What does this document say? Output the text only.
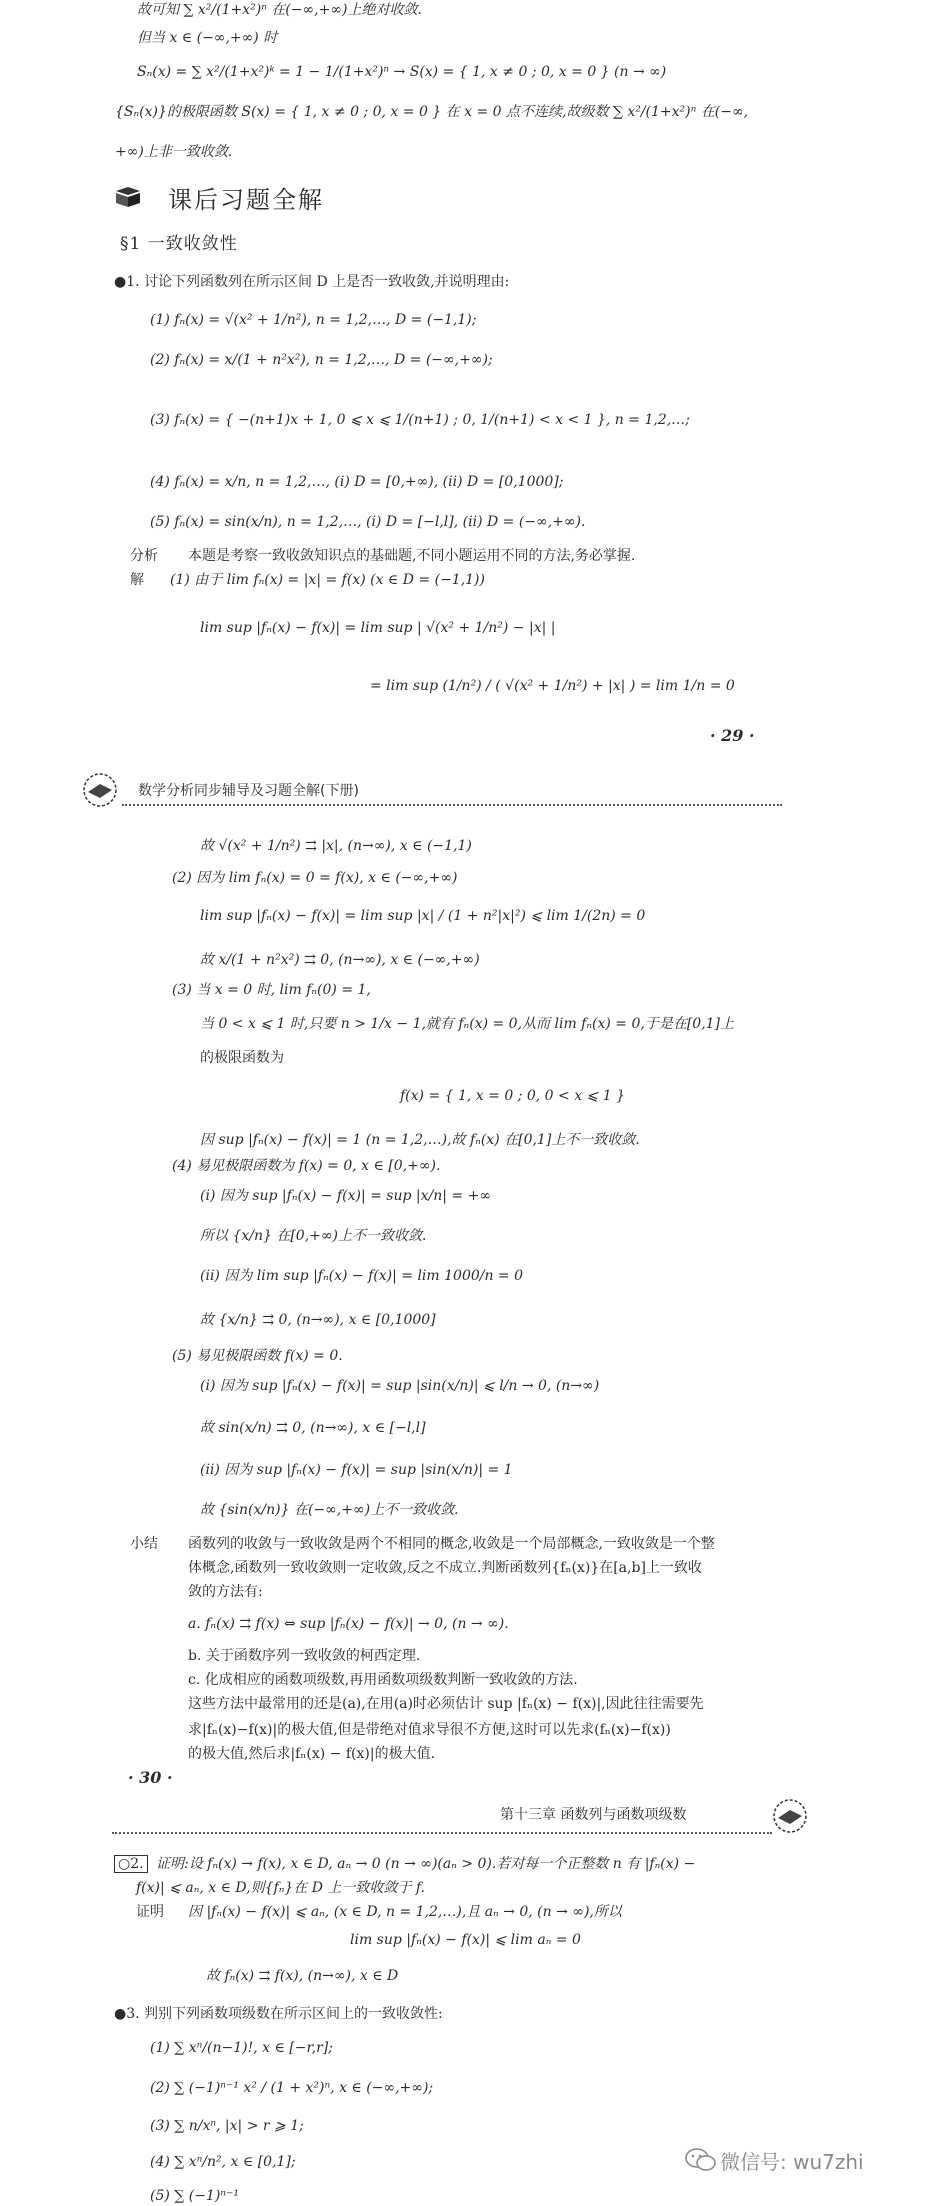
故可知 ∑ x²/(1+x²)ⁿ 在(−∞,+∞)上绝对收敛.
但当 x ∈ (−∞,+∞) 时
Sₙ(x) = ∑ x²/(1+x²)ᵏ = 1 − 1/(1+x²)ⁿ → S(x) = { 1, x ≠ 0 ; 0, x = 0 } (n → ∞)
{Sₙ(x)}的极限函数 S(x) = { 1, x ≠ 0 ; 0, x = 0 } 在 x = 0 点不连续,故级数 ∑ x²/(1+x²)ⁿ 在(−∞,
+∞)上非一致收敛.
课后习题全解
§1 一致收敛性
●1. 讨论下列函数列在所示区间 D 上是否一致收敛,并说明理由:
(1) fₙ(x) = √(x² + 1/n²), n = 1,2,…, D = (−1,1);
(2) fₙ(x) = x/(1 + n²x²), n = 1,2,…, D = (−∞,+∞);
(3) fₙ(x) = { −(n+1)x + 1, 0 ⩽ x ⩽ 1/(n+1) ; 0, 1/(n+1) < x < 1 }, n = 1,2,…;
(4) fₙ(x) = x/n, n = 1,2,…, (ⅰ) D = [0,+∞), (ⅱ) D = [0,1000];
(5) fₙ(x) = sin(x/n), n = 1,2,…, (ⅰ) D = [−l,l], (ⅱ) D = (−∞,+∞).
分析 本题是考察一致收敛知识点的基础题,不同小题运用不同的方法,务必掌握.
解 (1) 由于 lim fₙ(x) = |x| = f(x) (x ∈ D = (−1,1))
lim sup |fₙ(x) − f(x)| = lim sup | √(x² + 1/n²) − |x| |
= lim sup (1/n²) / ( √(x² + 1/n²) + |x| ) = lim 1/n = 0
· 29 ·
数学分析同步辅导及习题全解(下册)
故 √(x² + 1/n²) ⇉ |x|, (n→∞), x ∈ (−1,1)
(2) 因为 lim fₙ(x) = 0 = f(x), x ∈ (−∞,+∞)
lim sup |fₙ(x) − f(x)| = lim sup |x| / (1 + n²|x|²) ⩽ lim 1/(2n) = 0
故 x/(1 + n²x²) ⇉ 0, (n→∞), x ∈ (−∞,+∞)
(3) 当 x = 0 时, lim fₙ(0) = 1,
当 0 < x ⩽ 1 时,只要 n > 1/x − 1,就有 fₙ(x) = 0,从而 lim fₙ(x) = 0,于是在[0,1]上
的极限函数为
f(x) = { 1, x = 0 ; 0, 0 < x ⩽ 1 }
因 sup |fₙ(x) − f(x)| = 1 (n = 1,2,…),故 fₙ(x) 在[0,1]上不一致收敛.
(4) 易见极限函数为 f(x) = 0, x ∈ [0,+∞).
(ⅰ) 因为 sup |fₙ(x) − f(x)| = sup |x/n| = +∞
所以 {x/n} 在[0,+∞)上不一致收敛.
(ⅱ) 因为 lim sup |fₙ(x) − f(x)| = lim 1000/n = 0
故 {x/n} ⇉ 0, (n→∞), x ∈ [0,1000]
(5) 易见极限函数 f(x) = 0.
(ⅰ) 因为 sup |fₙ(x) − f(x)| = sup |sin(x/n)| ⩽ l/n → 0, (n→∞)
故 sin(x/n) ⇉ 0, (n→∞), x ∈ [−l,l]
(ⅱ) 因为 sup |fₙ(x) − f(x)| = sup |sin(x/n)| = 1
故 {sin(x/n)} 在(−∞,+∞)上不一致收敛.
小结 函数列的收敛与一致收敛是两个不相同的概念,收敛是一个局部概念,一致收敛是一个整
体概念,函数列一致收敛则一定收敛,反之不成立.判断函数列{fₙ(x)}在[a,b]上一致收
敛的方法有:
a. fₙ(x) ⇉ f(x) ⇔ sup |fₙ(x) − f(x)| → 0, (n → ∞).
b. 关于函数序列一致收敛的柯西定理.
c. 化成相应的函数项级数,再用函数项级数判断一致收敛的方法.
这些方法中最常用的还是(a),在用(a)时必须估计 sup |fₙ(x) − f(x)|,因此往往需要先
求|fₙ(x)−f(x)|的极大值,但是带绝对值求导很不方便,这时可以先求(fₙ(x)−f(x))
的极大值,然后求|fₙ(x) − f(x)|的极大值.
· 30 ·
第十三章 函数列与函数项级数
○2. 证明:设 fₙ(x) → f(x), x ∈ D, aₙ → 0 (n → ∞)(aₙ > 0).若对每一个正整数 n 有 |fₙ(x) −
f(x)| ⩽ aₙ, x ∈ D,则{fₙ}在 D 上一致收敛于 f.
证明 因 |fₙ(x) − f(x)| ⩽ aₙ, (x ∈ D, n = 1,2,…),且 aₙ → 0, (n → ∞),所以
lim sup |fₙ(x) − f(x)| ⩽ lim aₙ = 0
故 fₙ(x) ⇉ f(x), (n→∞), x ∈ D
●3. 判别下列函数项级数在所示区间上的一致收敛性:
(1) ∑ xⁿ/(n−1)!, x ∈ [−r,r];
(2) ∑ (−1)ⁿ⁻¹ x² / (1 + x²)ⁿ, x ∈ (−∞,+∞);
(3) ∑ n/xⁿ, |x| > r ⩾ 1;
(4) ∑ xⁿ/n², x ∈ [0,1];
(5) ∑ (−1)ⁿ⁻¹
微信号: wu7zhi
